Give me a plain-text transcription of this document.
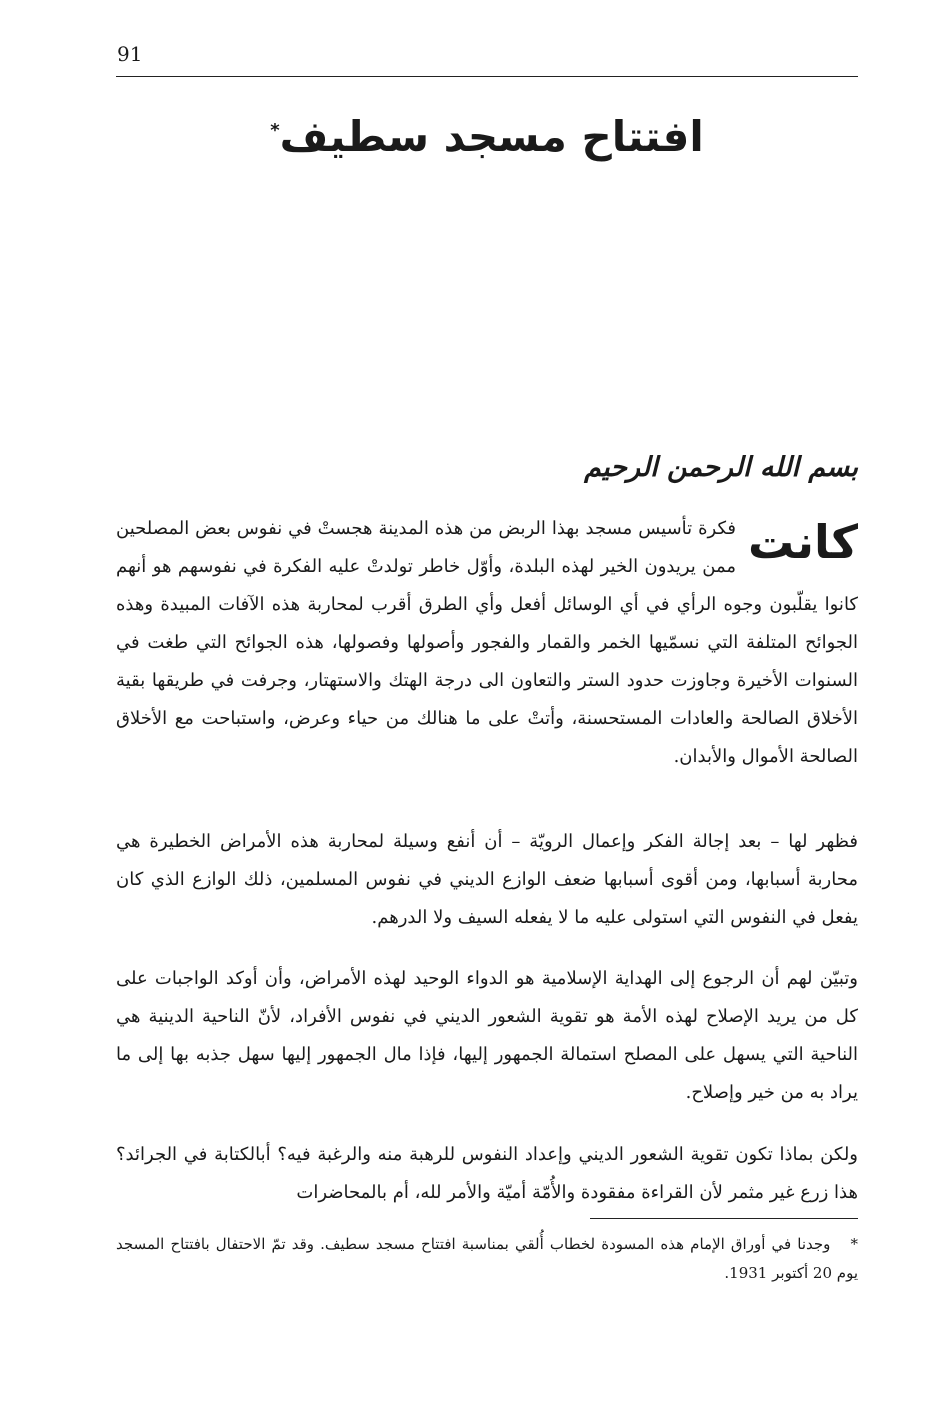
91
افتتاح مسجد سطيف*
بسم الله الرحمن الرحيم
كانت
فكرة تأسيس مسجد بهذا الربض من هذه المدينة هجستْ في نفوس بعض المصلحين ممن يريدون الخير لهذه البلدة، وأوّل خاطر تولدتْ عليه الفكرة في نفوسهم هو أنهم كانوا يقلّبون وجوه الرأي في أي الوسائل أفعل وأي الطرق أقرب لمحاربة هذه الآفات المبيدة وهذه الجوائح المتلفة التي نسمّيها الخمر والقمار والفجور وأصولها وفصولها، هذه الجوائح التي طغت في السنوات الأخيرة وجاوزت حدود الستر والتعاون الى درجة الهتك والاستهتار، وجرفت في طريقها بقية الأخلاق الصالحة والعادات المستحسنة، وأتتْ على ما هنالك من حياء وعرض، واستباحت مع الأخلاق الصالحة الأموال والأبدان.
فظهر لها – بعد إجالة الفكر وإعمال الرويّة – أن أنفع وسيلة لمحاربة هذه الأمراض الخطيرة هي محاربة أسبابها، ومن أقوى أسبابها ضعف الوازع الديني في نفوس المسلمين، ذلك الوازع الذي كان يفعل في النفوس التي استولى عليه ما لا يفعله السيف ولا الدرهم.
وتبيّن لهم أن الرجوع إلى الهداية الإسلامية هو الدواء الوحيد لهذه الأمراض، وأن أوكد الواجبات على كل من يريد الإصلاح لهذه الأمة هو تقوية الشعور الديني في نفوس الأفراد، لأنّ الناحية الدينية هي الناحية التي يسهل على المصلح استمالة الجمهور إليها، فإذا مال الجمهور إليها سهل جذبه بها إلى ما يراد به من خير وإصلاح.
ولكن بماذا تكون تقوية الشعور الديني وإعداد النفوس للرهبة منه والرغبة فيه؟ أبالكتابة في الجرائد؟ هذا زرع غير مثمر لأن القراءة مفقودة والأُمّة أميّة والأمر لله، أم بالمحاضرات
* وجدنا في أوراق الإمام هذه المسودة لخطاب أُلقي بمناسبة افتتاح مسجد سطيف. وقد تمّ الاحتفال بافتتاح المسجد يوم 20 أكتوبر 1931.
